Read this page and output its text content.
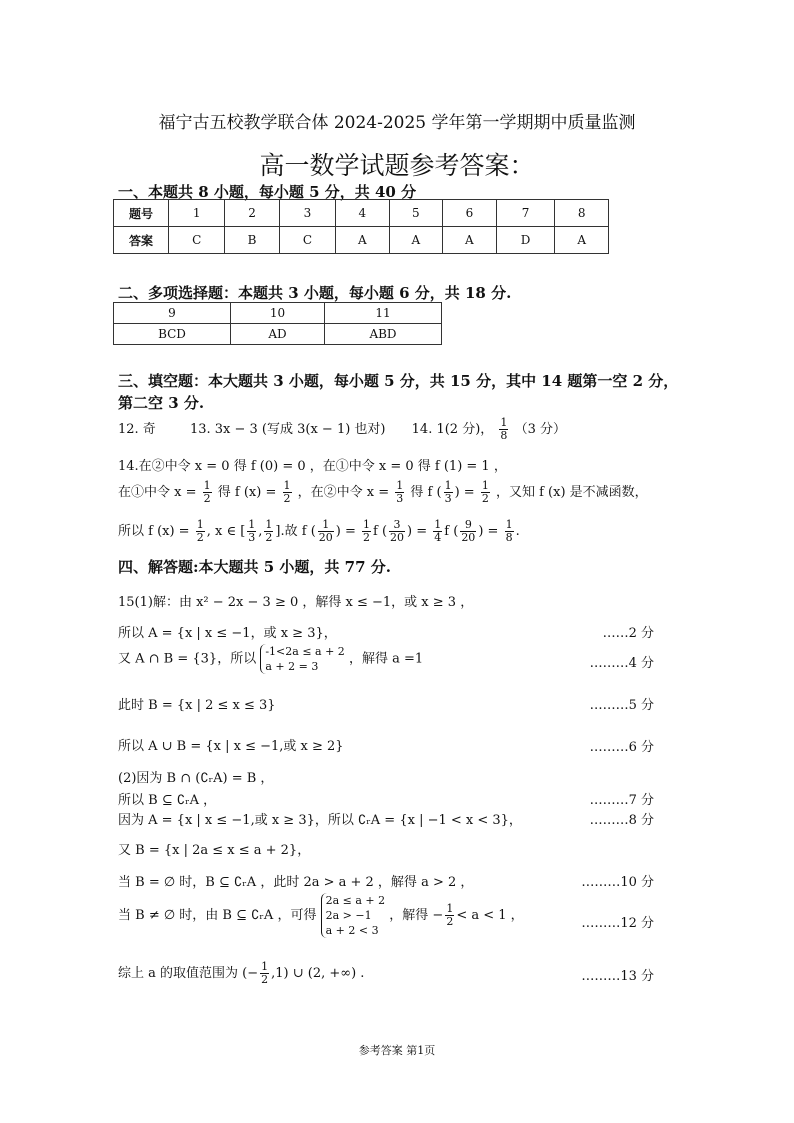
福宁古五校教学联合体 2024-2025 学年第一学期期中质量监测
高一数学试题参考答案：
一、本题共 8 小题，每小题 5 分，共 40 分
题号	1	2	3	4	5	6	7	8
答案	C	B	C	A	A	A	D	A
二、多项选择题：本题共 3 小题，每小题 6 分，共 18 分.
9	10	11
BCD	AD	ABD
三、填空题：本大题共 3 小题，每小题 5 分，共 15 分，其中 14 题第一空 2 分，
第二空 3 分.
12. 奇	13. 3x − 3 (写成 3(x − 1) 也对) 14. 1(2 分)， $\frac{1}{8} (3$ 分）
14.在②中令 x = 0 得 f (0) = 0 ，在①中令 x = 0 得 f (1) = 1 ，
在①中令 $x = \frac{1}{2}$ 得 f $(x) = \frac{1}{2}$ ，在②中令 $x = \frac{1}{3}$ 得 f ( $\frac{1}{3}$ ) = $\frac{1}{2}$ ，又知 f (x) 是不减函数，
所以 f $(x) = \frac{1}{2}$ , x ∈ [ $\frac{1}{3}$ , $\frac{1}{2}$ ].故 f ( $\frac{1}{20}$ ) = $\frac{1}{2}$ f ( $\frac{3}{20}$ ) = $\frac{1}{4}$ f ( $\frac{9}{20}$ ) = $\frac{1}{8}$ .
四、解答题:本大题共 5 小题，共 77 分.
15(1)解：由 x² − 2x − 3 ≥ 0 ，解得 x ≤ −1，或 x ≥ 3 ，
所以 A = {x | x ≤ −1，或 x ≥ 3}，	……2 分
又 A ∩ B = {3}，所以 -1<2a ≤ a + 2
a + 2 = 3	，解得 a =1	………4 分
此时 B = {x | 2 ≤ x ≤ 3}	………5 分
所以 A ∪ B = {x | x ≤ −1,或 x ≥ 2}	………6 分
(2)因为 B ∩ (∁ᵣA) = B ，
所以 B ⊆ ∁ᵣA ，	………7 分
因为 A = {x | x ≤ −1,或 x ≥ 3}，所以 ∁ᵣA = {x | −1 < x < 3}，	………8 分
又 B = {x | 2a ≤ x ≤ a + 2}，
当 B = ∅ 时，B ⊆ ∁ᵣA ，此时 2a > a + 2 ，解得 a > 2 ，	………10 分
当 B ≠ ∅ 时，由 B ⊆ ∁ᵣA ，可得
2a ≤ a + 2
2a > −1
a + 2 < 3
，解得 − $\frac{1}{2} < a < 1$ ，
………12 分
综上 a 的取值范围为 (− $\frac{1}{2} ,1$) ∪ (2, +∞) .	………13 分
参考答案 第1页
